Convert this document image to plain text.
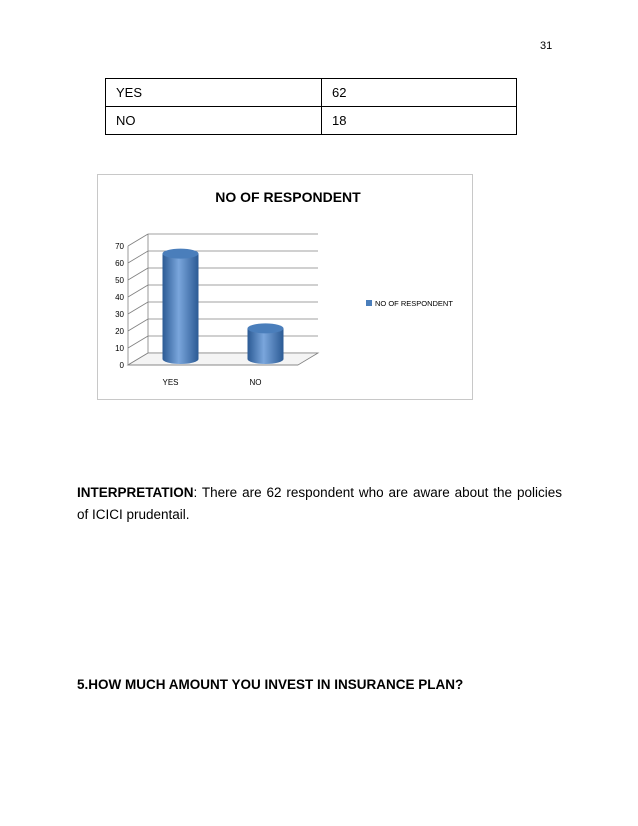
31
YES	62
NO	18
NO OF RESPONDENT
0
10
20
30
40
50
60
70
YES	NO
NO OF RESPONDENT
INTERPRETATION: There are 62 respondent who are aware about the policies of ICICI prudentail.
5.HOW MUCH AMOUNT YOU INVEST IN INSURANCE PLAN?
